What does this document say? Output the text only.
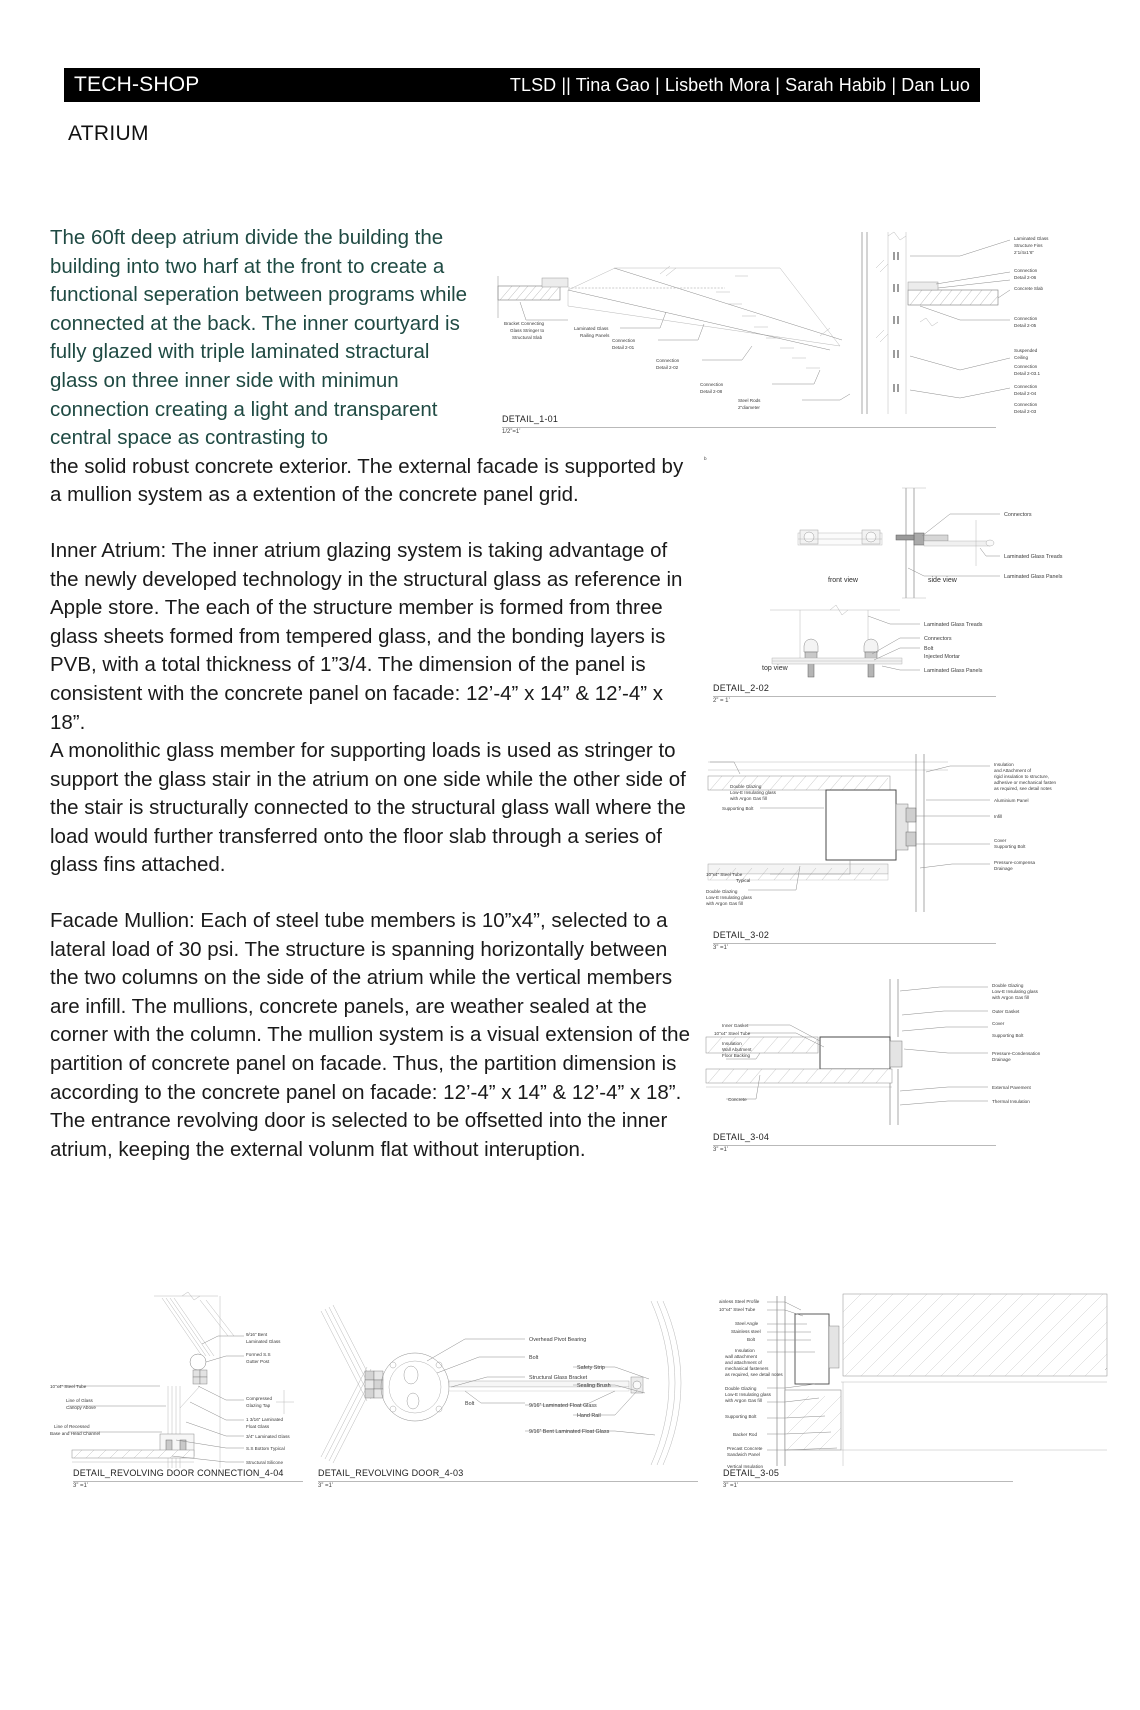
TECH-SHOP	TLSD || Tina Gao | Lisbeth Mora | Sarah Habib | Dan Luo
ATRIUM

The 60ft deep atrium divide the building the building into two harf at the front to create a functional seperation between programs while connected at the back. The inner courtyard is fully glazed with triple laminated stractural glass on three inner side with minimun connection creating a light and transparent central space as contrasting to
the solid robust concrete exterior. The external facade is supported by a mullion system as a extention of the concrete panel grid.

Inner Atrium: The inner atrium glazing system is taking advantage of the newly developed technology in the structural glass as reference in Apple store. The each of the structure member is formed from three glass sheets formed from tempered glass, and the bonding layers is PVB, with a total thickness of 1”3/4. The dimension of the panel is consistent with the concrete panel on facade: 12’-4” x 14” & 12’-4” x 18”.

A monolithic glass member for supporting loads is used as stringer to support the glass stair in the atrium on one side while the other side of the stair is structurally connected to the structural glass wall where the load would further transferred onto the floor slab through a series of glass fins attached.

Facade Mullion: Each of steel tube members is 10”x4”, selected to a lateral load of 30 psi. The structure is spanning horizontally between the two columns on the side of the atrium while the vertical members are infill. The mullions, concrete panels, are weather sealed at the corner with the column. The mullion system is a visual extension of the partition of concrete panel on facade. Thus, the partition dimension is according to the concrete panel on facade: 12’-4” x 14” & 12’-4” x 18”. The entrance revolving door is selected to be offsetted into the inner atrium, keeping the external volunm flat without interuption.

Bracket Connecting
Glass Stringer to
Structural Slab
Laminated Glass
Railing Panels
Connection
Detail 2-01
Connection
Detail 2-02
Connection
Detail 2-08
Steel Rods
2”diameter
Laminated Glass
Structure Fins
2’1/4x1’6”
Connection
Detail 2-06
Concrete Slab
Connection
Detail 2-05
Suspended
Ceiling
Connection
Detail 2-03.1
Connection
Detail 2-04
Connection
Detail 2-03
DETAIL_1-01
1/2”=1’
b
front view	side view
Connectors
Laminated Glass Treads
Laminated Glass Panels
Laminated Glass Treads
Connectors
Bolt
Injected Mortar
Laminated Glass Panels
top view
DETAIL_2-02
2” = 1’
Double Glazing
Low-E Insulating glass
with Argon Gas fill
Supporting Bolt
10”x4” Steel Tube
Typical
Double Glazing
Low-E Insulating glass
with Argon Gas fill
Insulation
and Attachment of
rigid insulation to structure,
adhesive or mechanical fasten
as required, see detail notes
Aluminium Panel
Infill
Cover
Supporting Bolt
Pressure-compensa
Drainage
DETAIL_3-02
3” =1’
Inner Gasket
10”x4” Steel Tube
Insulation
Wall Abutment
Floor Backing
Concrete
Double Glazing
Low-E Insulating glass
with Argon Gas fill
Outer Gasket
Cover
Supporting Bolt
Pressure-Condensation
Drainage
External Pavement
Thermal Insulation
DETAIL_3-04
3” =1’
9/16” Bent
Laminated Glass
Formed S.S
Gutter Post
Compressed
Glazing Tap
1 3/16” Laminated
Float Glass
3/4” Laminated Glass
S.S Bottom Typical
Structural Silicone
Line of Glass
Canopy Above
Line of Recessed
Base and Head Channel
10”x4” Steel Tube
DETAIL_REVOLVING DOOR CONNECTION_4-04
3” =1’
Overhead Pivot Bearing
Bolt
Structural Glass Bracket
Bolt
Safety Strip
Sealing Brush
9/16” Laminated Float Glass
Hand Rail
9/16” Bent Laminated Float Glass
DETAIL_REVOLVING DOOR_4-03
3” =1’
ainless Steel Profile
10”x4” Steel Tube
Steel Angle
Stainless steel
Bolt
Insulation
wall attachment
and attachment of
mechanical fasteners
as required, see detail notes
Double Glazing
Low-E Insulating glass
with Argon Gas fill
Supporting Bolt
Backer Rod
Precast Concrete
Sandwich Panel
Vertical Insulation
DETAIL_3-05
3” =1’
